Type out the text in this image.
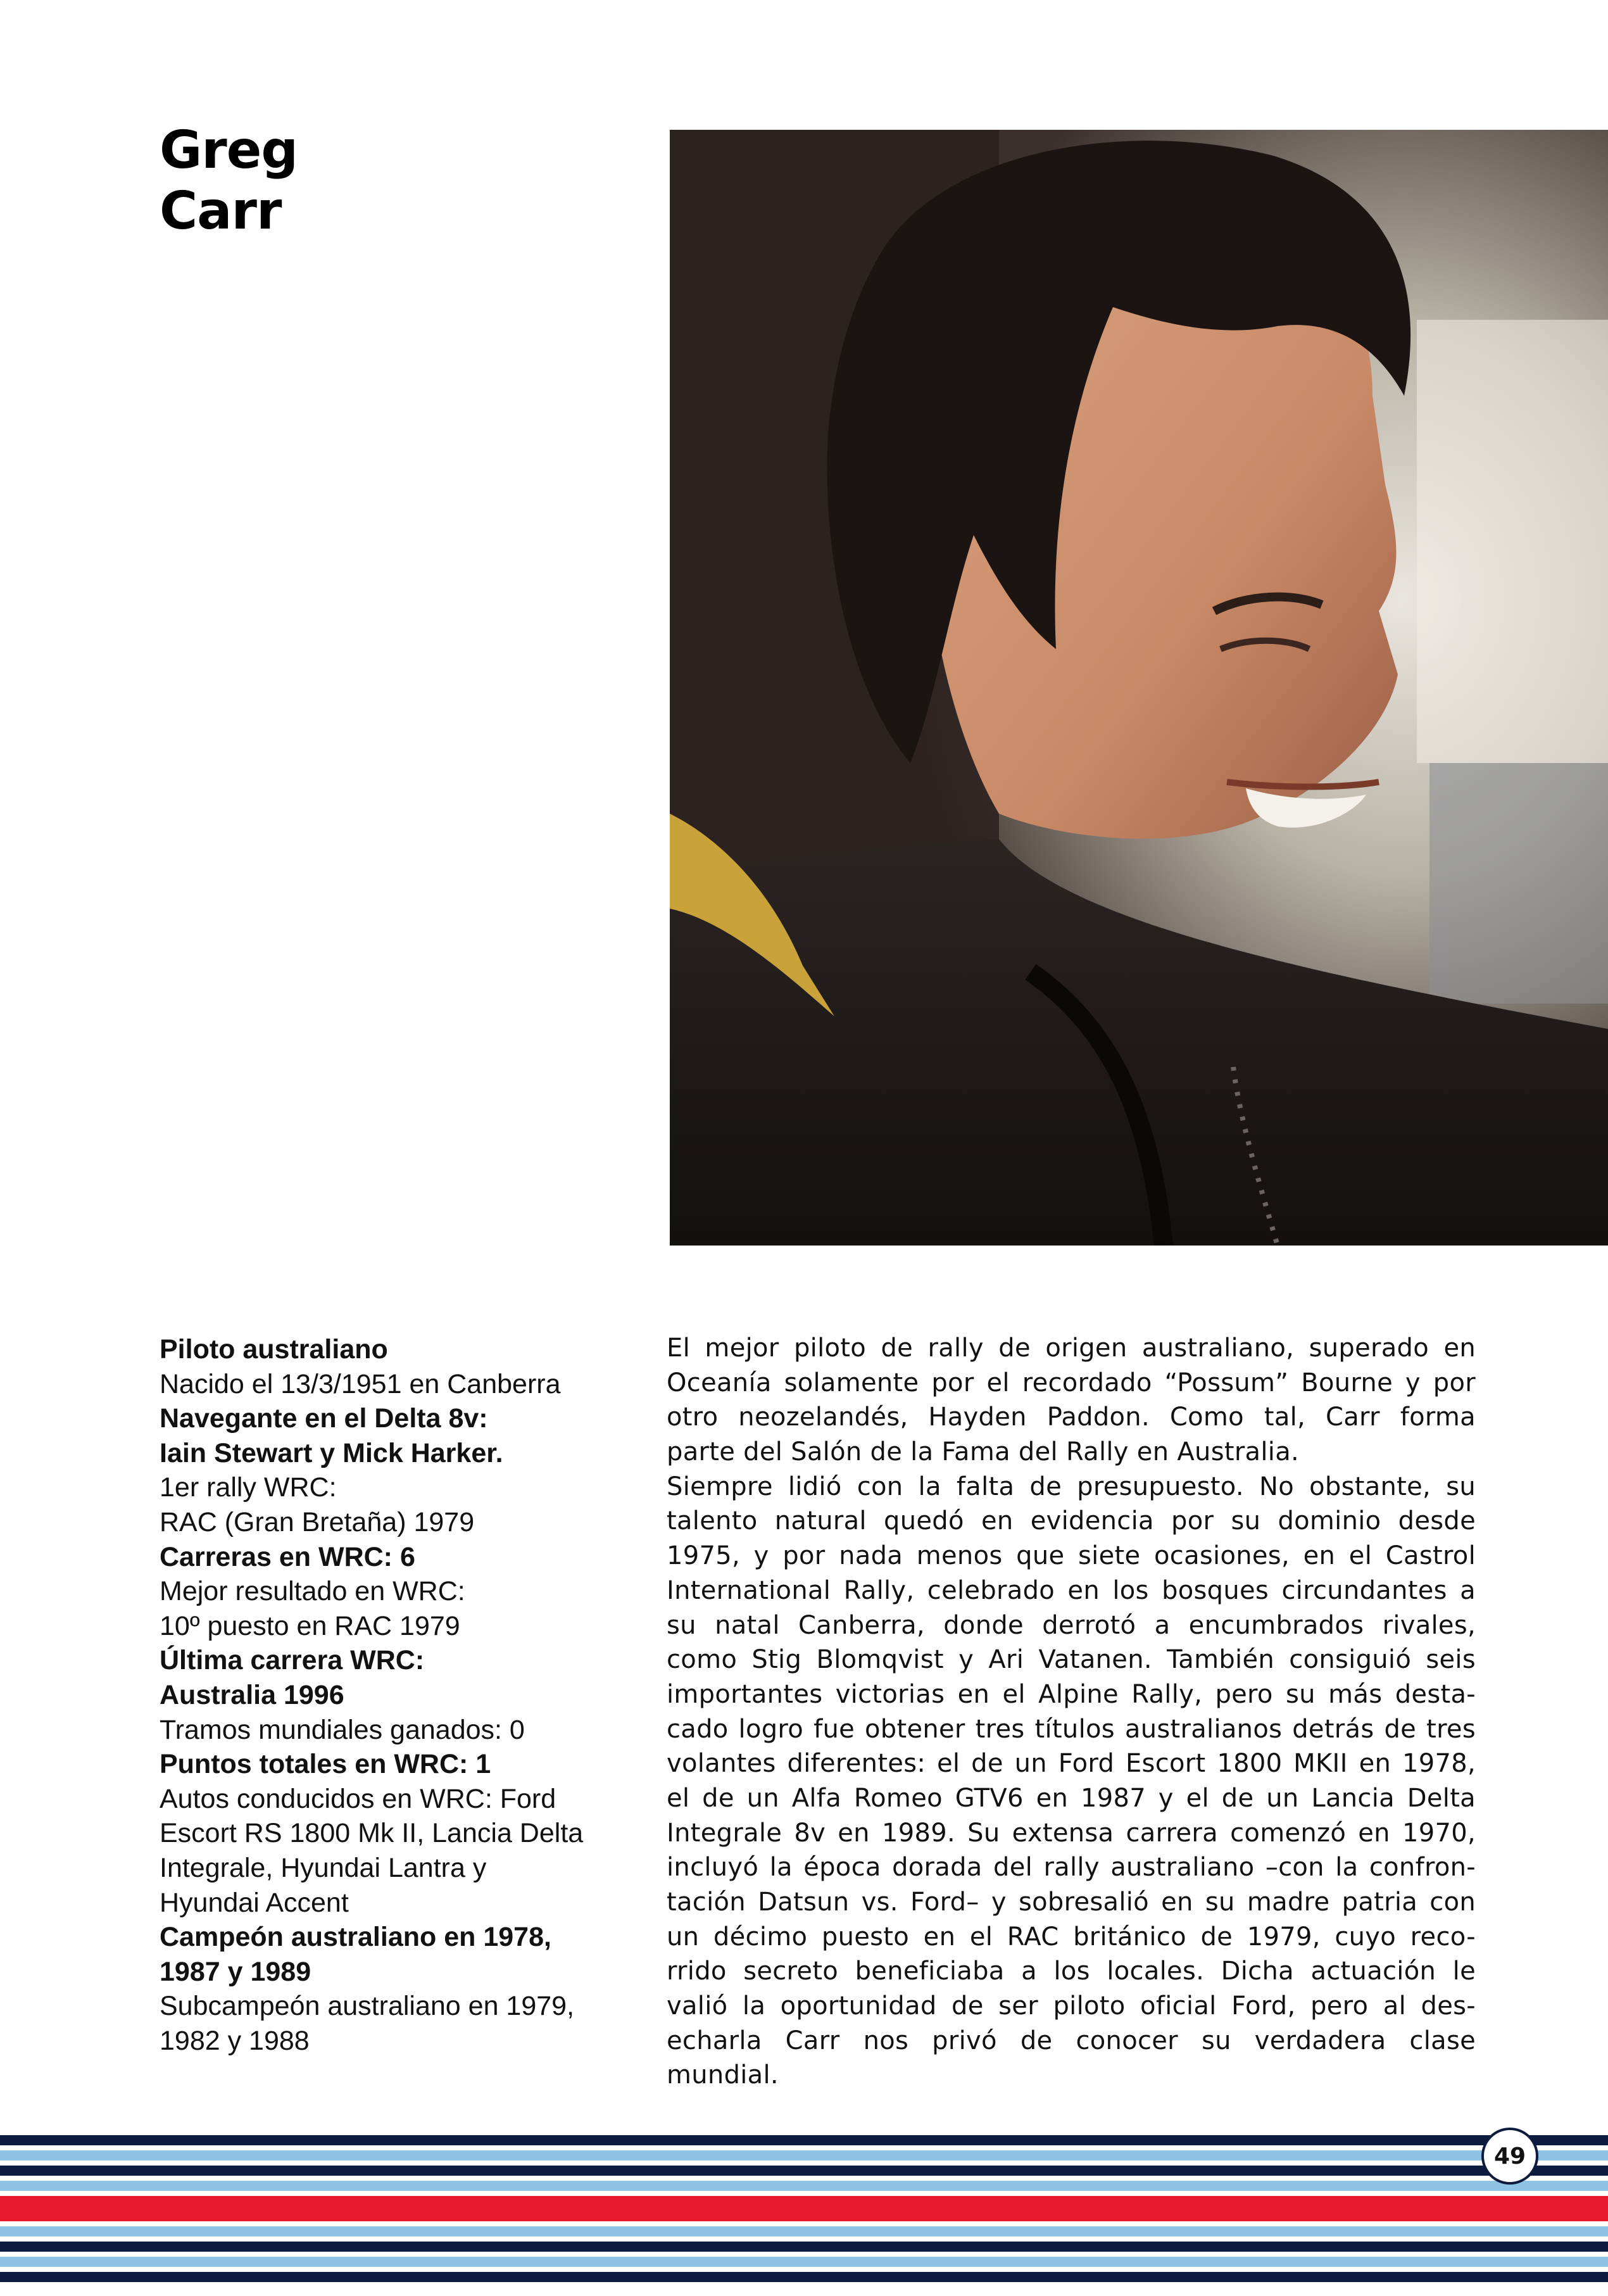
Greg
Carr
Piloto australiano
Nacido el 13/3/1951 en Canberra
Navegante en el Delta 8v:
Iain Stewart y Mick Harker.
1er rally WRC:
RAC (Gran Bretaña) 1979
Carreras en WRC: 6
Mejor resultado en WRC:
10º puesto en RAC 1979
Última carrera WRC:
Australia 1996
Tramos mundiales ganados: 0
Puntos totales en WRC: 1
Autos conducidos en WRC: Ford
Escort RS 1800 Mk II, Lancia Delta
Integrale, Hyundai Lantra y
Hyundai Accent
Campeón australiano en 1978,
1987 y 1989
Subcampeón australiano en 1979,
1982 y 1988
El mejor piloto de rally de origen australiano, superado en
Oceanía solamente por el recordado “Possum” Bourne y por
otro neozelandés, Hayden Paddon. Como tal, Carr forma
parte del Salón de la Fama del Rally en Australia.
Siempre lidió con la falta de presupuesto. No obstante, su
talento natural quedó en evidencia por su dominio desde
1975, y por nada menos que siete ocasiones, en el Castrol
International Rally, celebrado en los bosques circundantes a
su natal Canberra, donde derrotó a encumbrados rivales,
como Stig Blomqvist y Ari Vatanen. También consiguió seis
importantes victorias en el Alpine Rally, pero su más desta-
cado logro fue obtener tres títulos australianos detrás de tres
volantes diferentes: el de un Ford Escort 1800 MKII en 1978,
el de un Alfa Romeo GTV6 en 1987 y el de un Lancia Delta
Integrale 8v en 1989. Su extensa carrera comenzó en 1970,
incluyó la época dorada del rally australiano –con la confron-
tación Datsun vs. Ford– y sobresalió en su madre patria con
un décimo puesto en el RAC británico de 1979, cuyo reco-
rrido secreto beneficiaba a los locales. Dicha actuación le
valió la oportunidad de ser piloto oficial Ford, pero al des-
echarla Carr nos privó de conocer su verdadera clase
mundial.
49
